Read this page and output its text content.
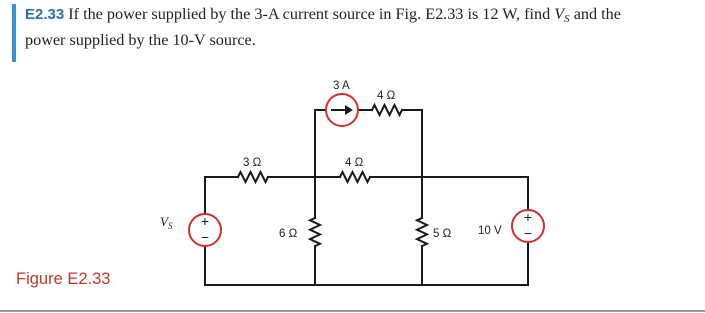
E2.33 If the power supplied by the 3-A current source in Fig. E2.33 is 12 W, find $V_S$ and the
power supplied by the 10-V source.
+
−
+
−
3 A
4 Ω
3 Ω	4 Ω
6 Ω	5 Ω 10 V
$V_S$
Figure E2.33
